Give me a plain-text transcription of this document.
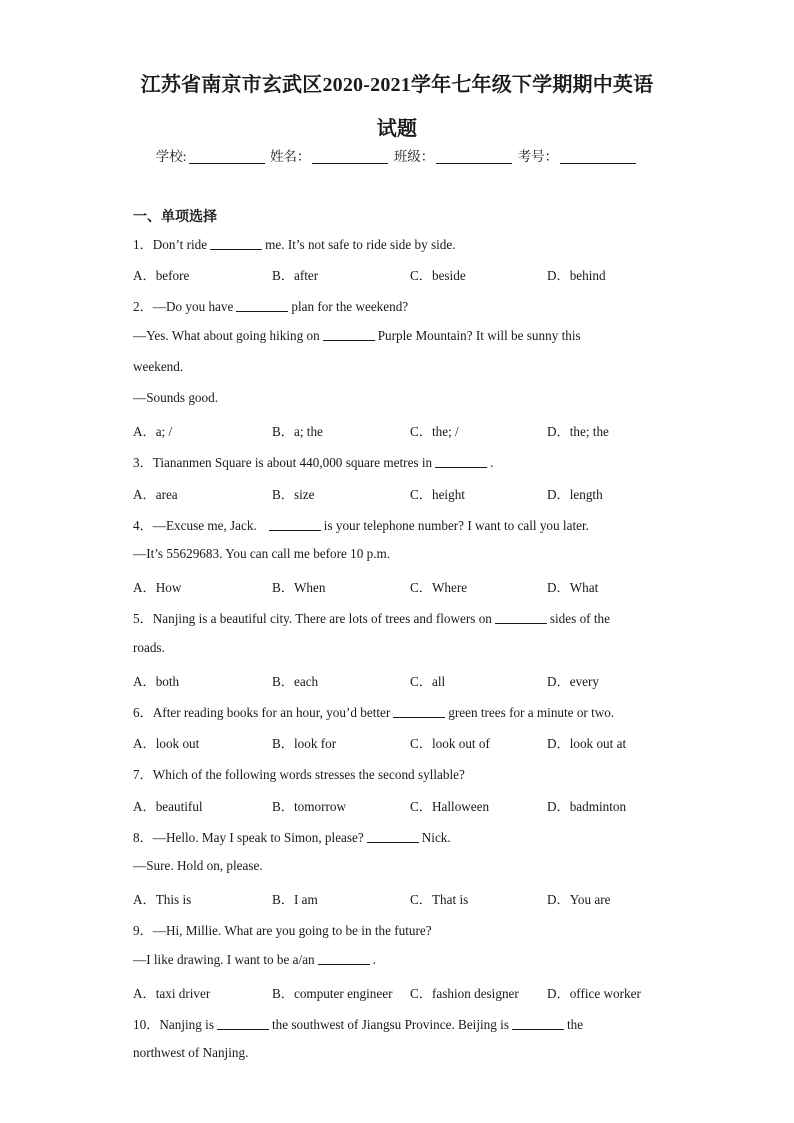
江苏省南京市玄武区2020-2021学年七年级下学期期中英语
试题
学校:	姓名：	班级：	考号：
一、单项选择
1．Don’t ride	me. It’s not safe to ride side by side.
A．before	B．after	C．beside	D．behind
2．—Do you have	plan for the weekend?
—Yes. What about going hiking on	Purple Mountain? It will be sunny this
weekend.
—Sounds good.
A．a; /	B．a; the	C．the; /	D．the; the
3．Tiananmen Square is about 440,000 square metres in	.
A．area	B．size	C．height	D．length
4．—Excuse me, Jack.	is your telephone number? I want to call you later.
—It’s 55629683. You can call me before 10 p.m.
A．How	B．When	C．Where	D．What
5．Nanjing is a beautiful city. There are lots of trees and flowers on	sides of the
roads.
A．both	B．each	C．all	D．every
6．After reading books for an hour, you’d better	green trees for a minute or two.
A．look out	B．look for	C．look out of	D．look out at
7．Which of the following words stresses the second syllable?
A．beautiful	B．tomorrow	C．Halloween	D．badminton
8．—Hello. May I speak to Simon, please?	Nick.
—Sure. Hold on, please.
A．This is	B．I am	C．That is	D．You are
9．—Hi, Millie. What are you going to be in the future?
—I like drawing. I want to be a/an	.
A．taxi driver	B．computer engineer C．fashion designer D．office worker
10．Nanjing is	the southwest of Jiangsu Province. Beijing is	the
northwest of Nanjing.
